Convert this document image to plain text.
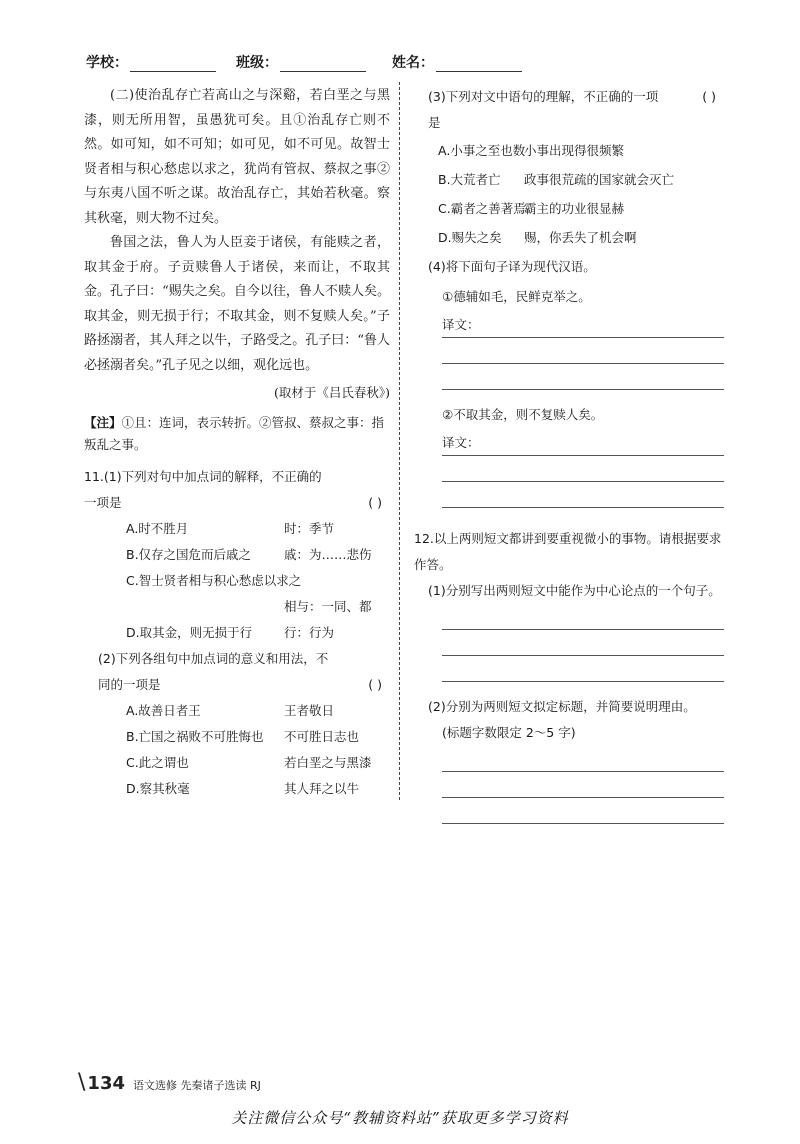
学校：	班级：	姓名：

(二)使治乱存亡若高山之与深谿，若白垩之与黑漆，则无所用智，虽愚犹可矣。且①治乱存亡则不然。如可知，如不可知；如可见，如不可见。故智士贤者相与积心愁虑以求之，犹尚有管叔、蔡叔之事②与东夷八国不听之谋。故治乱存亡，其始若秋毫。察其秋毫，则大物不过矣。

鲁国之法，鲁人为人臣妾于诸侯，有能赎之者，取其金于府。子贡赎鲁人于诸侯，来而让，不取其金。孔子曰：“赐失之矣。自今以往，鲁人不赎人矣。取其金，则无损于行；不取其金，则不复赎人矣。”子路拯溺者，其人拜之以牛，子路受之。孔子曰：“鲁人必拯溺者矣。”孔子见之以细，观化远也。

(取材于《吕氏春秋》)
【注】①且：连词，表示转折。②管叔、蔡叔之事：指叛乱之事。
11.(1)下列对句中加点词的解释，不正确的一项是	( )
A.时不胜月	时：季节
B.仅存之国危而后戚之	戚：为……悲伤
C.智士贤者相与积心愁虑以求之
相与：一同、都
D.取其金，则无损于行	行：行为
(2)下列各组句中加点词的意义和用法，不同的一项是	( )
A.故善日者王	王者敬日
B.亡国之祸败不可胜悔也 不可胜日志也
C.此之谓也	若白垩之与黑漆
D.察其秋毫	其人拜之以牛
(3)下列对文中语句的理解，不正确的一项是
( )
A.小事之至也数
小事出现得很频繁
B.大荒者亡 政事很荒疏的国家就会灭亡
C.霸者之善著焉
霸主的功业很显赫
D.赐失之矣 赐，你丢失了机会啊
(4)将下面句子译为现代汉语。
①德辅如毛，民鲜克举之。
译文：
②不取其金，则不复赎人矣。
译文：
12.以上两则短文都讲到要重视微小的事物。请根据要求作答。
(1)分别写出两则短文中能作为中心论点的一个句子。
(2)分别为两则短文拟定标题，并简要说明理由。
(标题字数限定 2～5 字)
\ 134 语文选修 先秦诸子选读 RJ
关注微信公众号“教辅资料站”获取更多学习资料
